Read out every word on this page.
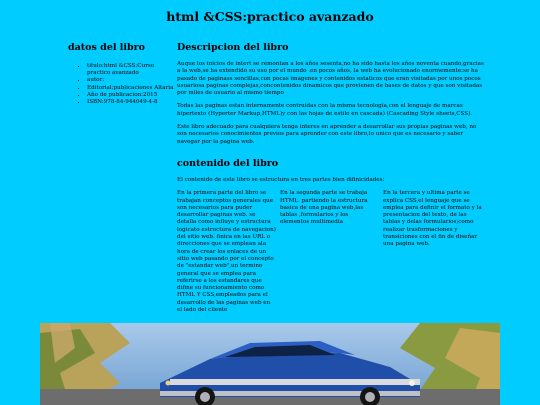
html &CSS:practico avanzado
datos del libro
• titulo:html &CSS:Curso practico avanzado
• autor:
• Editorial:publicaciones Altaria
• Año de publicacion:2015
• ISBN:978-84-944049-4-8
Descripcion del libro

Auque los inicios de intert se remontan a los años sesenta,no ha sido hasta los años noventa cuando,gracias a la web,se ha extendido su uso por el mundo .en pocos años, la web ha evolucionado enormemente:se ha pasado de paginass sencillas,con pocas imagenes y contenidos estaticos que eran visitadas por unos pocos usuariosa paginas complejas,concontenidos dinamicos que provienen de bases de datos y que son visitadas por miles de usuario al mismo tiempo

Todas las paginas estan internamente contruidas con la misma tecnologia,con el lenguaje de marcas hipertexto (Hyperter Markup,HTML)y con las hojas de estilo en cascada) (Cascading Style sheets,CSS).

Este libro adecuado para cualquiera tenga interes en aprender a desarrollar sus propias paginas web, no son necesarios conocimientos previos para aprender con este libro,lo unico que es necesario y saber navegar por la pagina web.

contenido del libro

El contenido de este libro se estructura en tres partes bien difinicidades:

En la primera parte del libro se trabajan conceptos generales que son necesarios para puder desarrollar paginas web. se detalla como influye y estructura logicato estructura de navegacion) del sitio web. finica en las URL o direcciones que se emplean ala hora de crear los enlaces de un sitio web pasando por el concepto de "estandar web",un termino general que se emplea para referirse a los estandares que difine su funcionamiento como HTML Y CSS,empleados para el desarrollo de las paginas web en el lado del cliente
En la segunda parte se trabaja HTML. partiendo la estructura basica de una pagina web,las tablas ,formularios y los elementos multimedia
En la tercera y ultima parte se explica CSS,el lenguaje que se emplea para definir el formato y la presentacion del texto, de las tablas y delas formularios;como realizar trasformaciones y transiciones con el fin de diseñar una pagina web.
